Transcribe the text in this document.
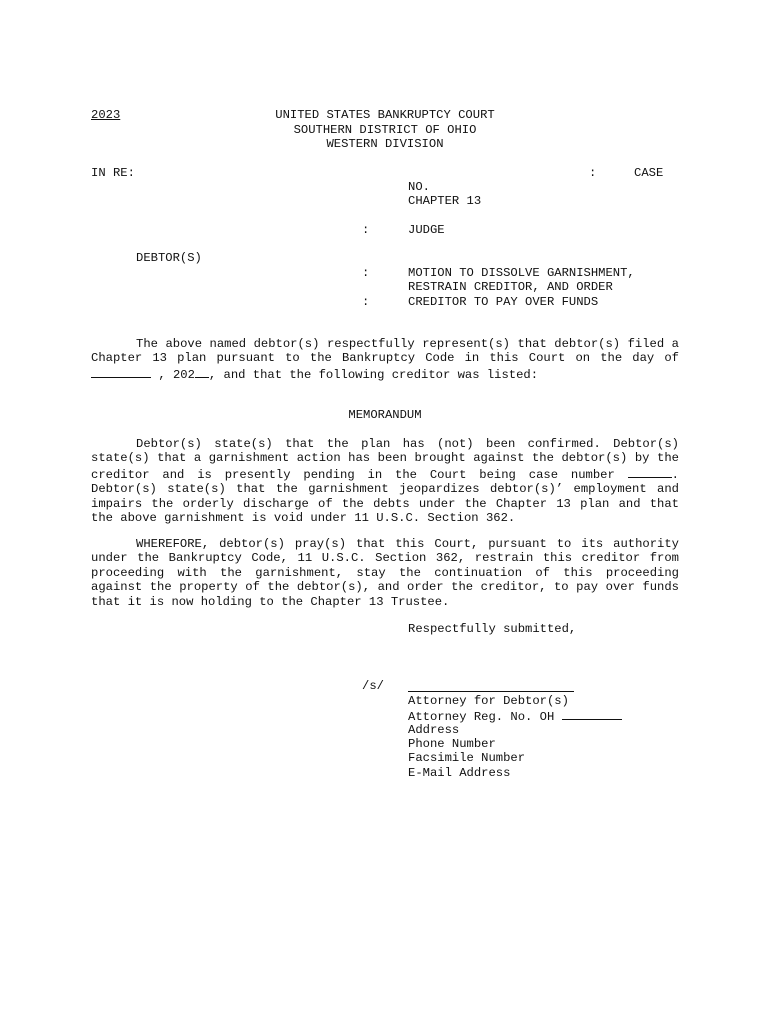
2023	UNITED STATES BANKRUPTCY COURT
SOUTHERN DISTRICT OF OHIO
WESTERN DIVISION
IN RE:	:	CASE
NO.
CHAPTER 13
:	JUDGE
DEBTOR(S)
:	MOTION TO DISSOLVE GARNISHMENT,
RESTRAIN CREDITOR, AND ORDER
:	CREDITOR TO PAY OVER FUNDS
The above named debtor(s) respectfully represent(s) that debtor(s) filed a Chapter 13 plan pursuant to the Bankruptcy Code in this Court on the day of  , 202 , and that the following creditor was listed:
MEMORANDUM
Debtor(s) state(s) that the plan has (not) been confirmed. Debtor(s) state(s) that a garnishment action has been brought against the debtor(s) by the creditor and is presently pending in the Court being case number	. Debtor(s) state(s) that the garnishment jeopardizes debtor(s)’ employment and impairs the orderly discharge of the debts under the Chapter 13 plan and that the above garnishment is void under 11 U.S.C. Section 362.
WHEREFORE, debtor(s) pray(s) that this Court, pursuant to its authority under the Bankruptcy Code, 11 U.S.C. Section 362, restrain this creditor from proceeding with the garnishment, stay the continuation of this proceeding against the property of the debtor(s), and order the creditor, to pay over funds that it is now holding to the Chapter 13 Trustee.
Respectfully submitted,
/s/
Attorney for Debtor(s)
Attorney Reg. No. OH
Address
Phone Number
Facsimile Number
E-Mail Address
